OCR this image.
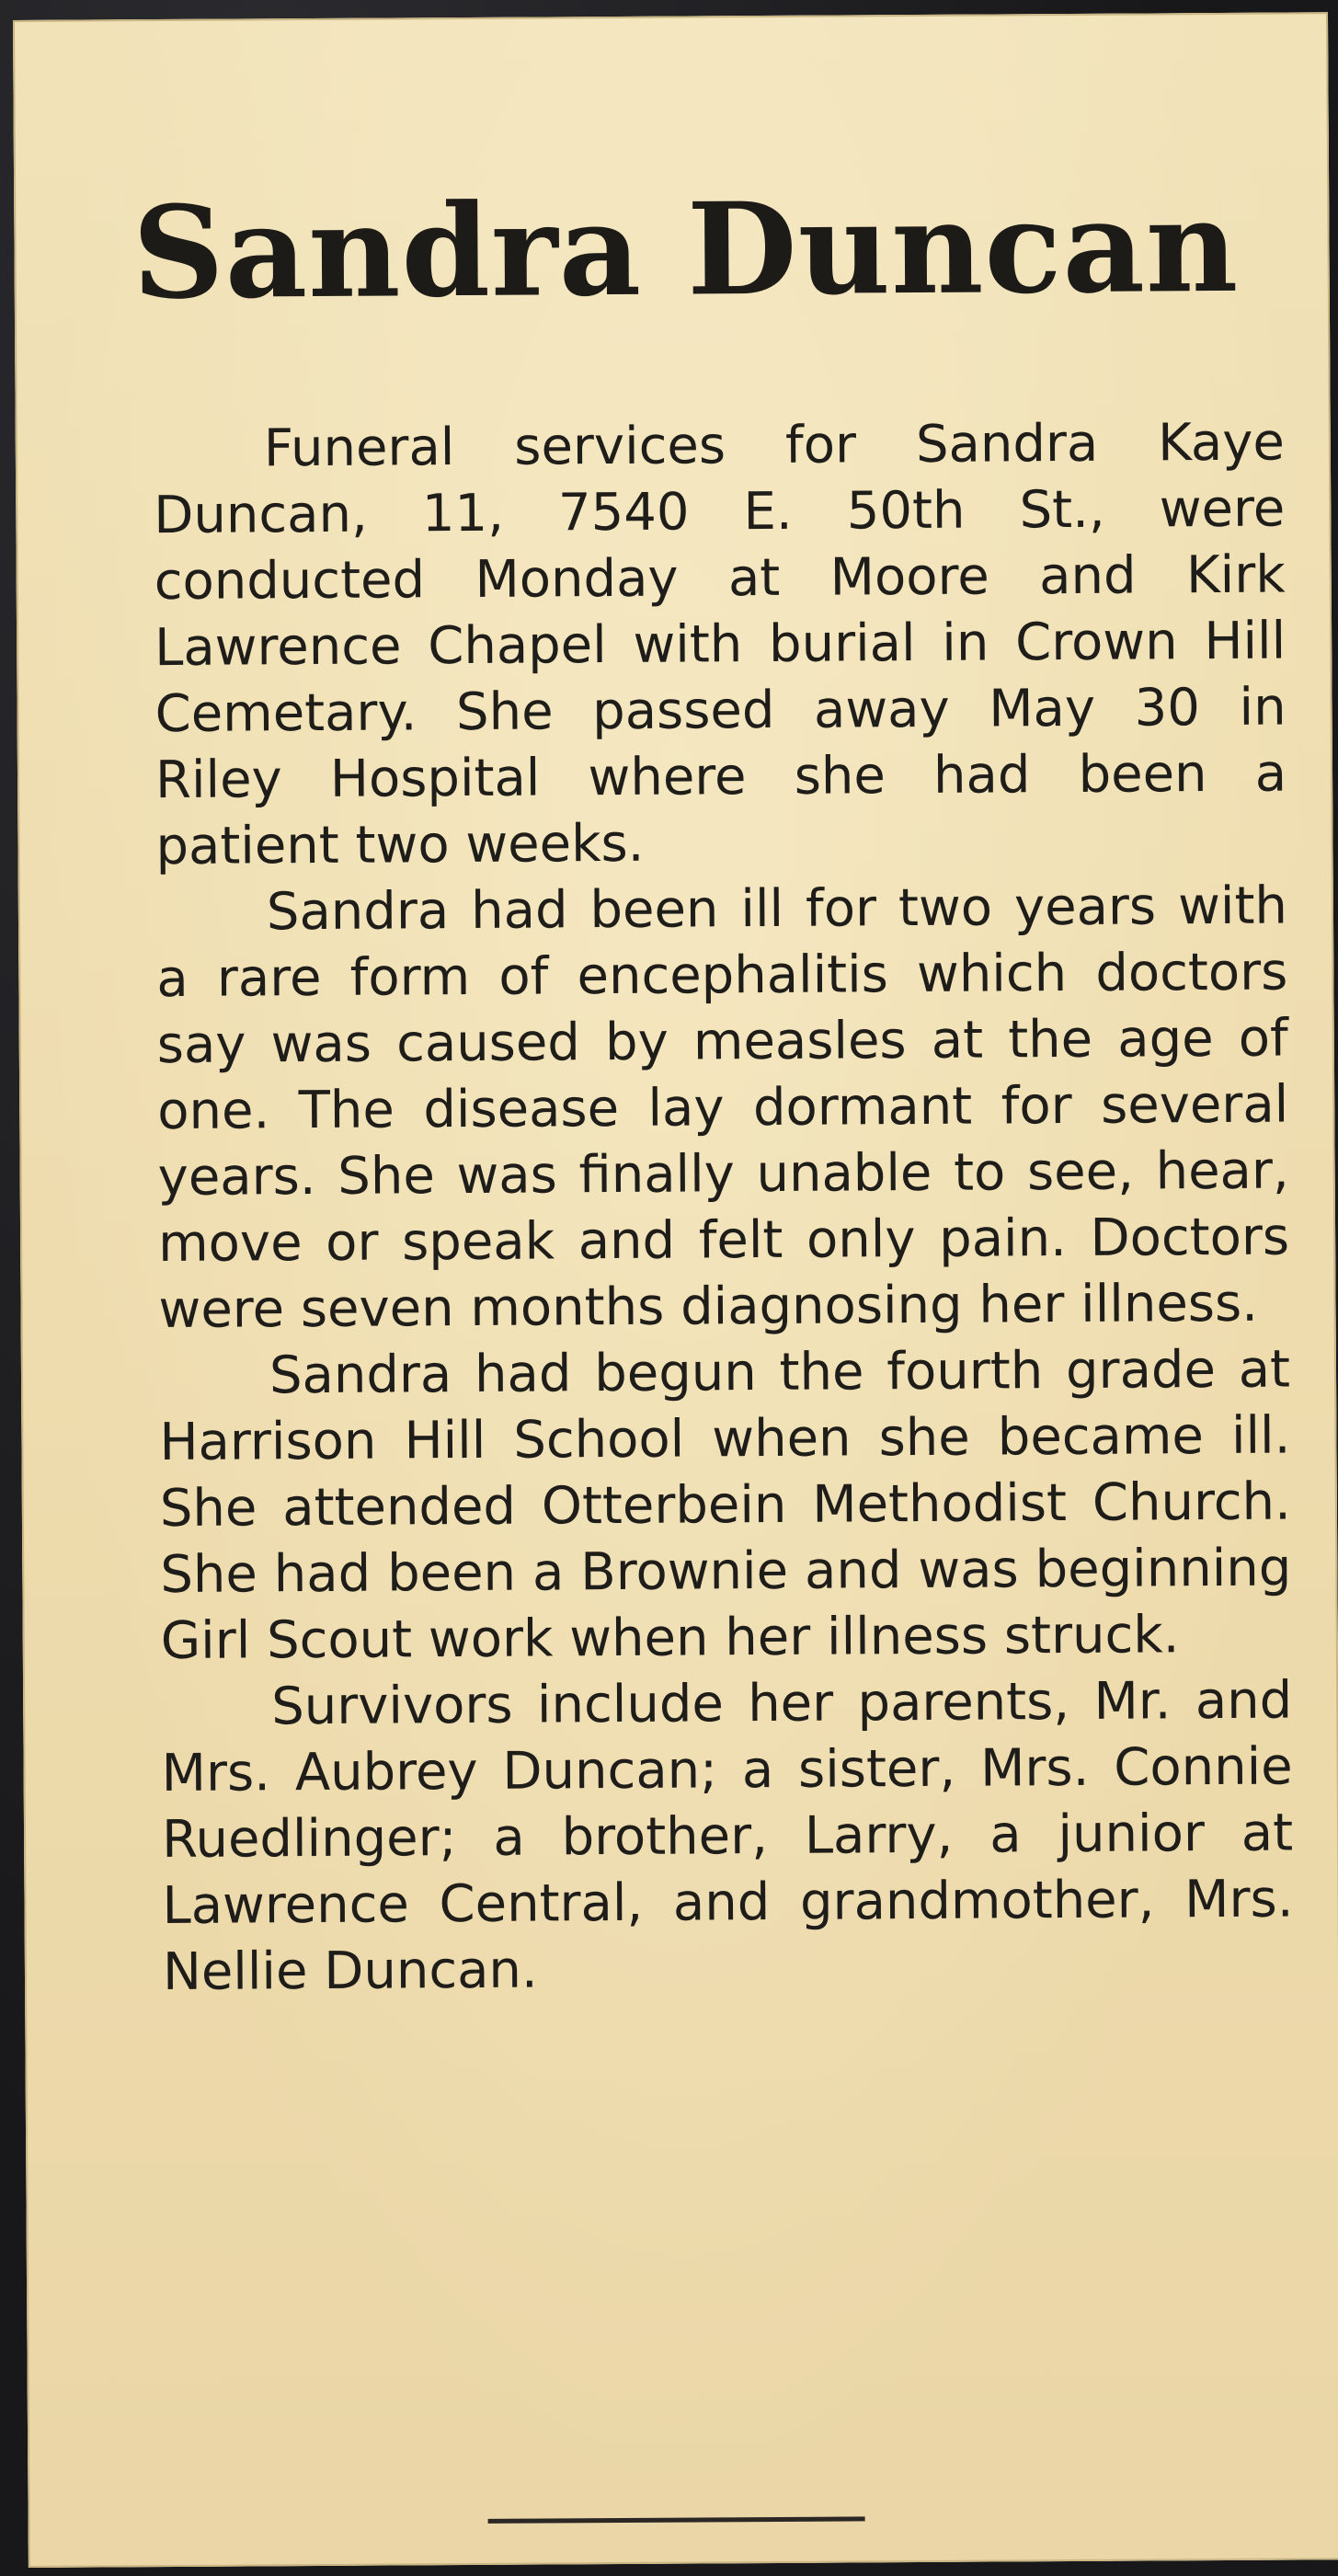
Sandra Duncan

Funeral services for Sandra Kaye Duncan, 11, 7540 E. 50th St., were conducted Monday at Moore and Kirk Lawrence Chapel with burial in Crown Hill Cemetary. She passed away May 30 in Riley Hospital where she had been a patient two weeks.

Sandra had been ill for two years with a rare form of encephalitis which doctors say was caused by measles at the age of one. The disease lay dormant for several years. She was finally unable to see, hear, move or speak and felt only pain. Doctors were seven months diagnosing her illness.

Sandra had begun the fourth grade at Harrison Hill School when she became ill. She attended Otterbein Methodist Church. She had been a Brownie and was beginning Girl Scout work when her illness struck.

Survivors include her parents, Mr. and Mrs. Aubrey Duncan; a sister, Mrs. Connie Ruedlinger; a brother, Larry, a junior at Lawrence Central, and grandmother, Mrs. Nellie Duncan.
